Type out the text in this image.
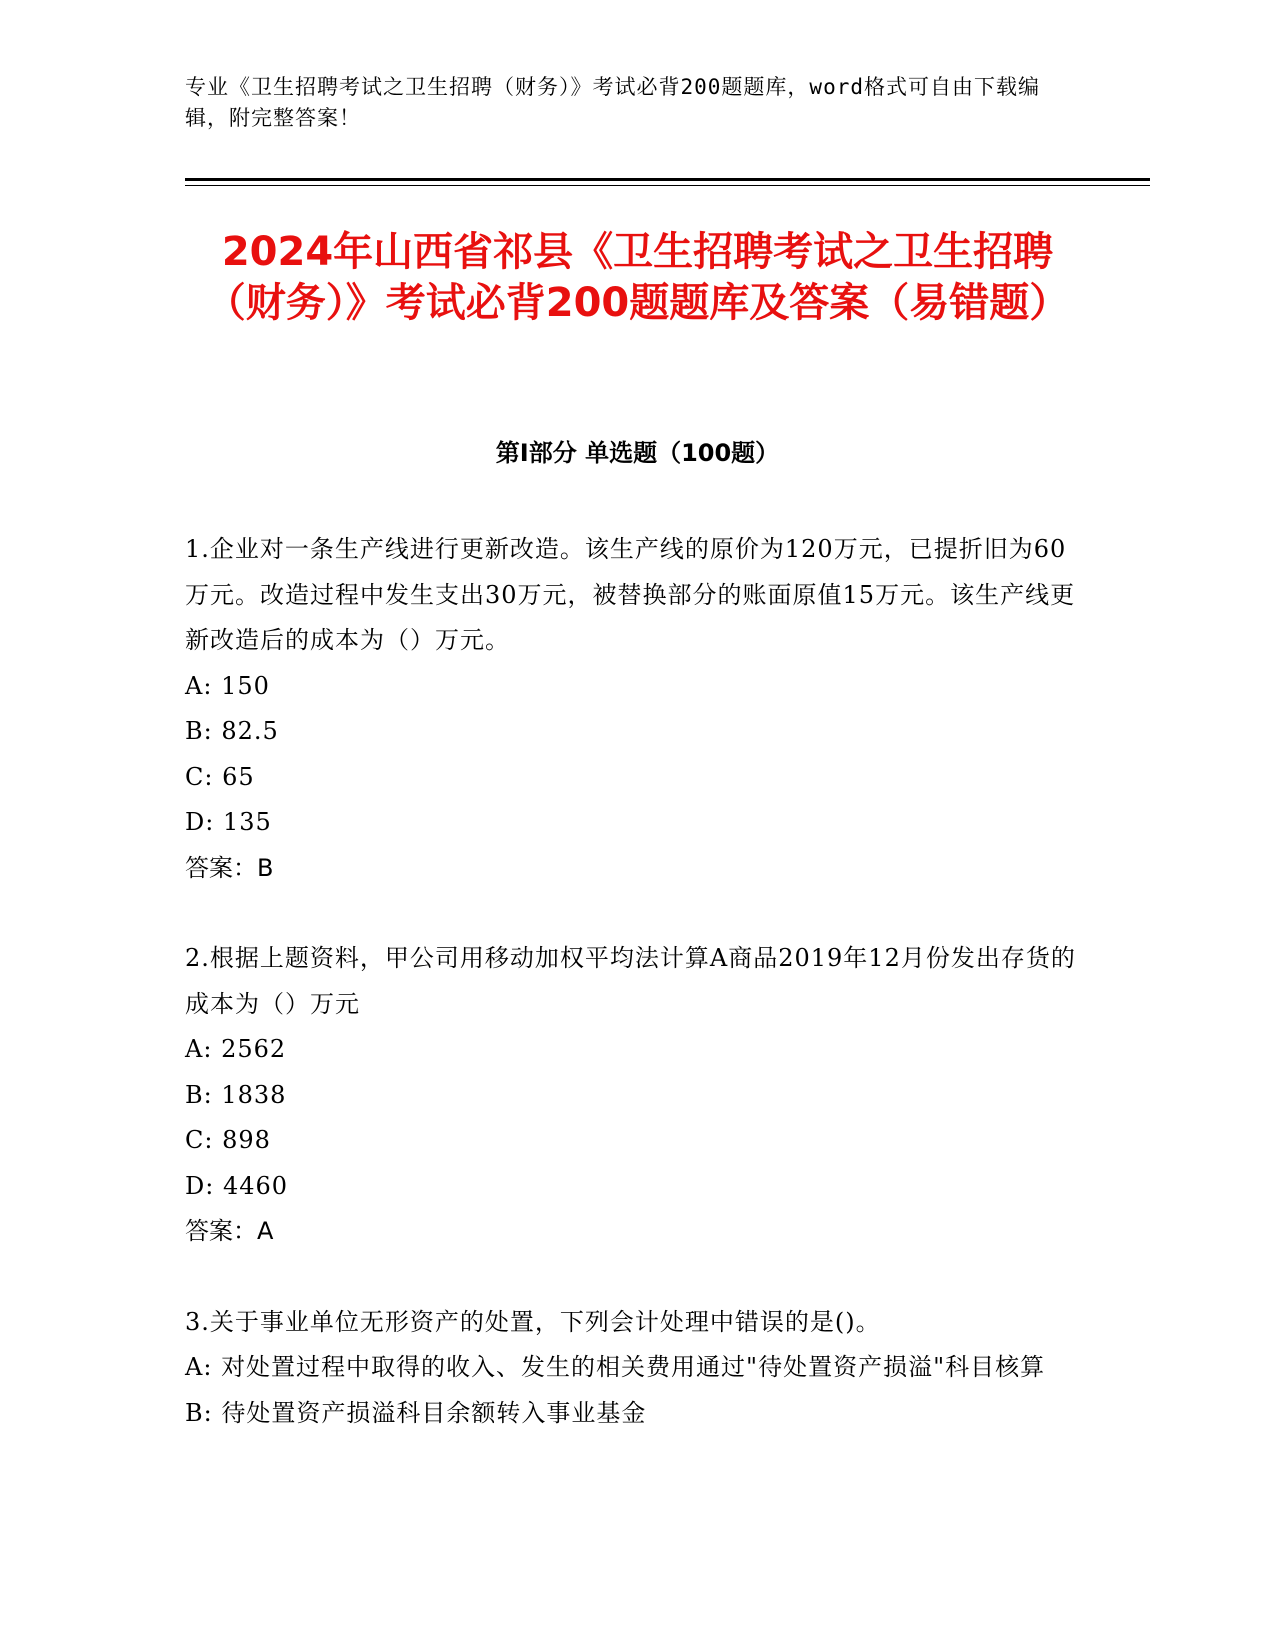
专业《卫生招聘考试之卫生招聘（财务）》考试必背200题题库，word格式可自由下载编辑，附完整答案！
2024年山西省祁县《卫生招聘考试之卫生招聘（财务）》考试必背200题题库及答案（易错题）
第I部分 单选题（100题）

1.企业对一条生产线进行更新改造。该生产线的原价为120万元，已提折旧为60万元。改造过程中发生支出30万元，被替换部分的账面原值15万元。该生产线更新改造后的成本为（）万元。

A: 150

B: 82.5

C: 65

D: 135

答案：B

2.根据上题资料，甲公司用移动加权平均法计算A商品2019年12月份发出存货的成本为（）万元

A: 2562

B: 1838

C: 898

D: 4460

答案：A

3.关于事业单位无形资产的处置，下列会计处理中错误的是()。

A: 对处置过程中取得的收入、发生的相关费用通过"待处置资产损溢"科目核算

B: 待处置资产损溢科目余额转入事业基金
